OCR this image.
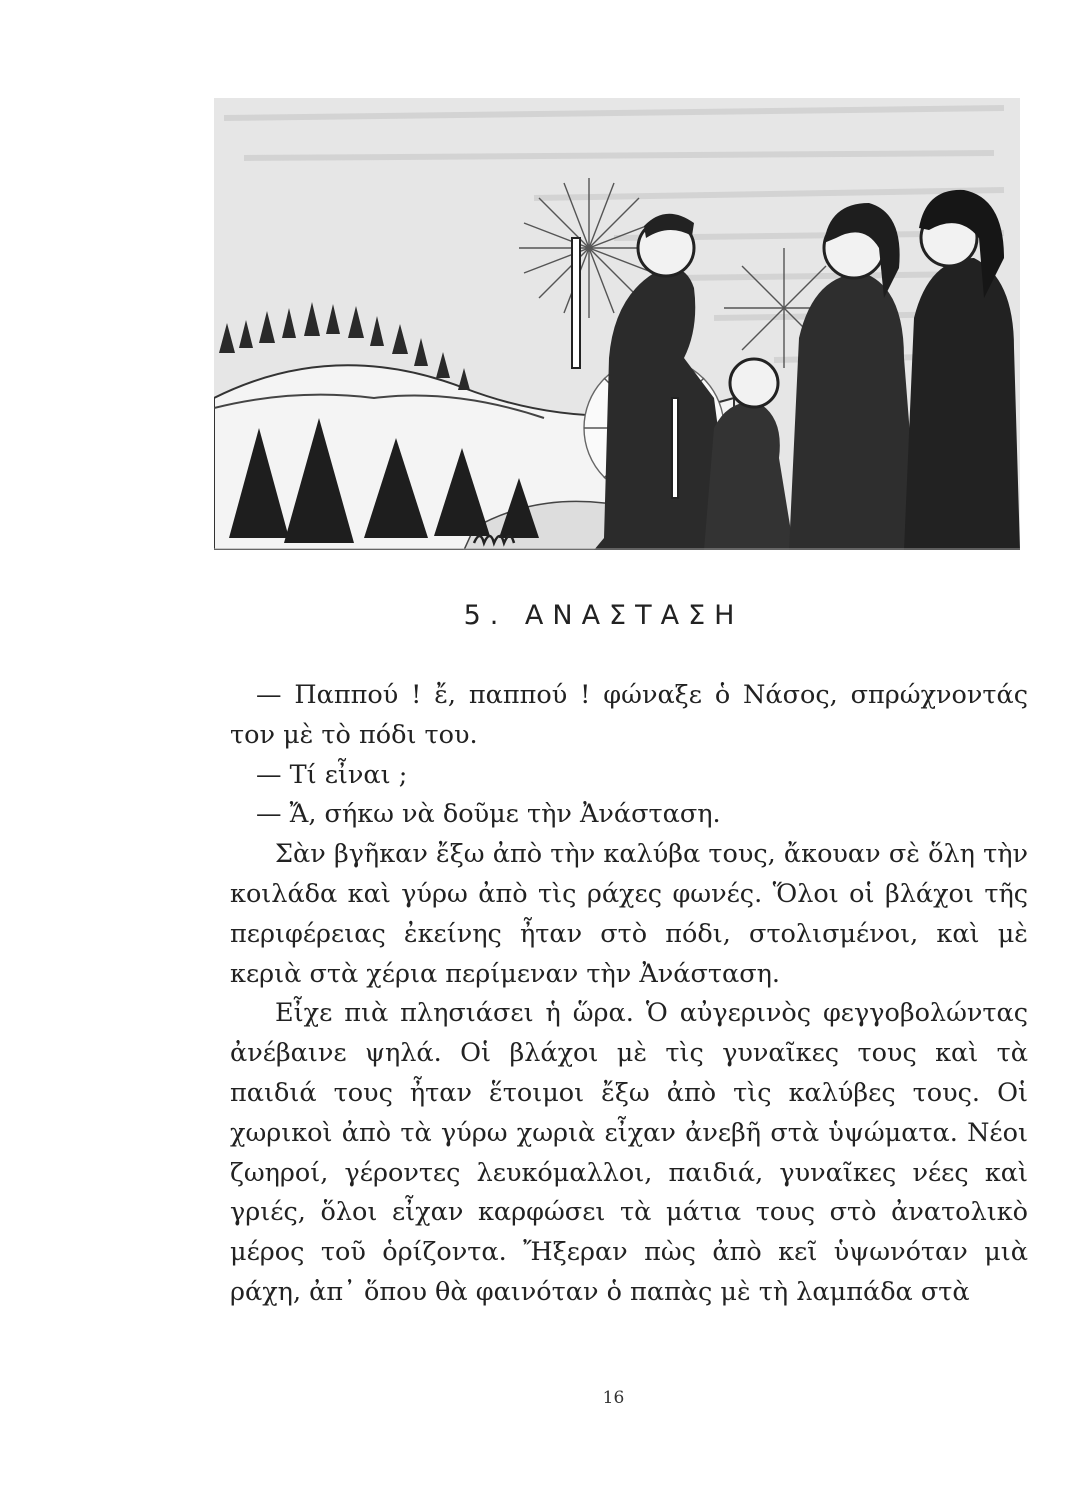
5. ΑΝΑΣΤΑΣΗ

— Παππού ! ἔ, παππού ! φώναξε ὁ Νάσος, σπρώχνοντάς τον μὲ τὸ πόδι του.

— Τί εἶναι ;

— Ἄ, σήκω νὰ δοῦμε τὴν Ἀνάσταση.

Σὰν βγῆκαν ἔξω ἀπὸ τὴν καλύβα τους, ἄκουαν σὲ ὅλη τὴν κοιλάδα καὶ γύρω ἀπὸ τὶς ράχες φωνές. Ὅλοι οἱ βλάχοι τῆς περιφέρειας ἐκείνης ἦταν στὸ πόδι, στολισμένοι, καὶ μὲ κεριὰ στὰ χέρια περίμεναν τὴν Ἀνάσταση.

Εἶχε πιὰ πλησιάσει ἡ ὥρα. Ὁ αὐγερινὸς φεγγοβολώντας ἀνέβαινε ψηλά. Οἱ βλάχοι μὲ τὶς γυναῖκες τους καὶ τὰ παιδιά τους ἦταν ἕτοιμοι ἔξω ἀπὸ τὶς καλύβες τους. Οἱ χωρικοὶ ἀπὸ τὰ γύρω χωριὰ εἶχαν ἀνεβῆ στὰ ὑψώματα. Νέοι ζωηροί, γέροντες λευκόμαλλοι, παιδιά, γυναῖκες νέες καὶ γριές, ὅλοι εἶχαν καρφώσει τὰ μάτια τους στὸ ἀνατολικὸ μέρος τοῦ ὁρίζοντα. Ἤξεραν πὼς ἀπὸ κεῖ ὑψωνόταν μιὰ ράχη, ἀπ᾿ ὅπου θὰ φαινόταν ὁ παπὰς μὲ τὴ λαμπάδα στὰ

16
